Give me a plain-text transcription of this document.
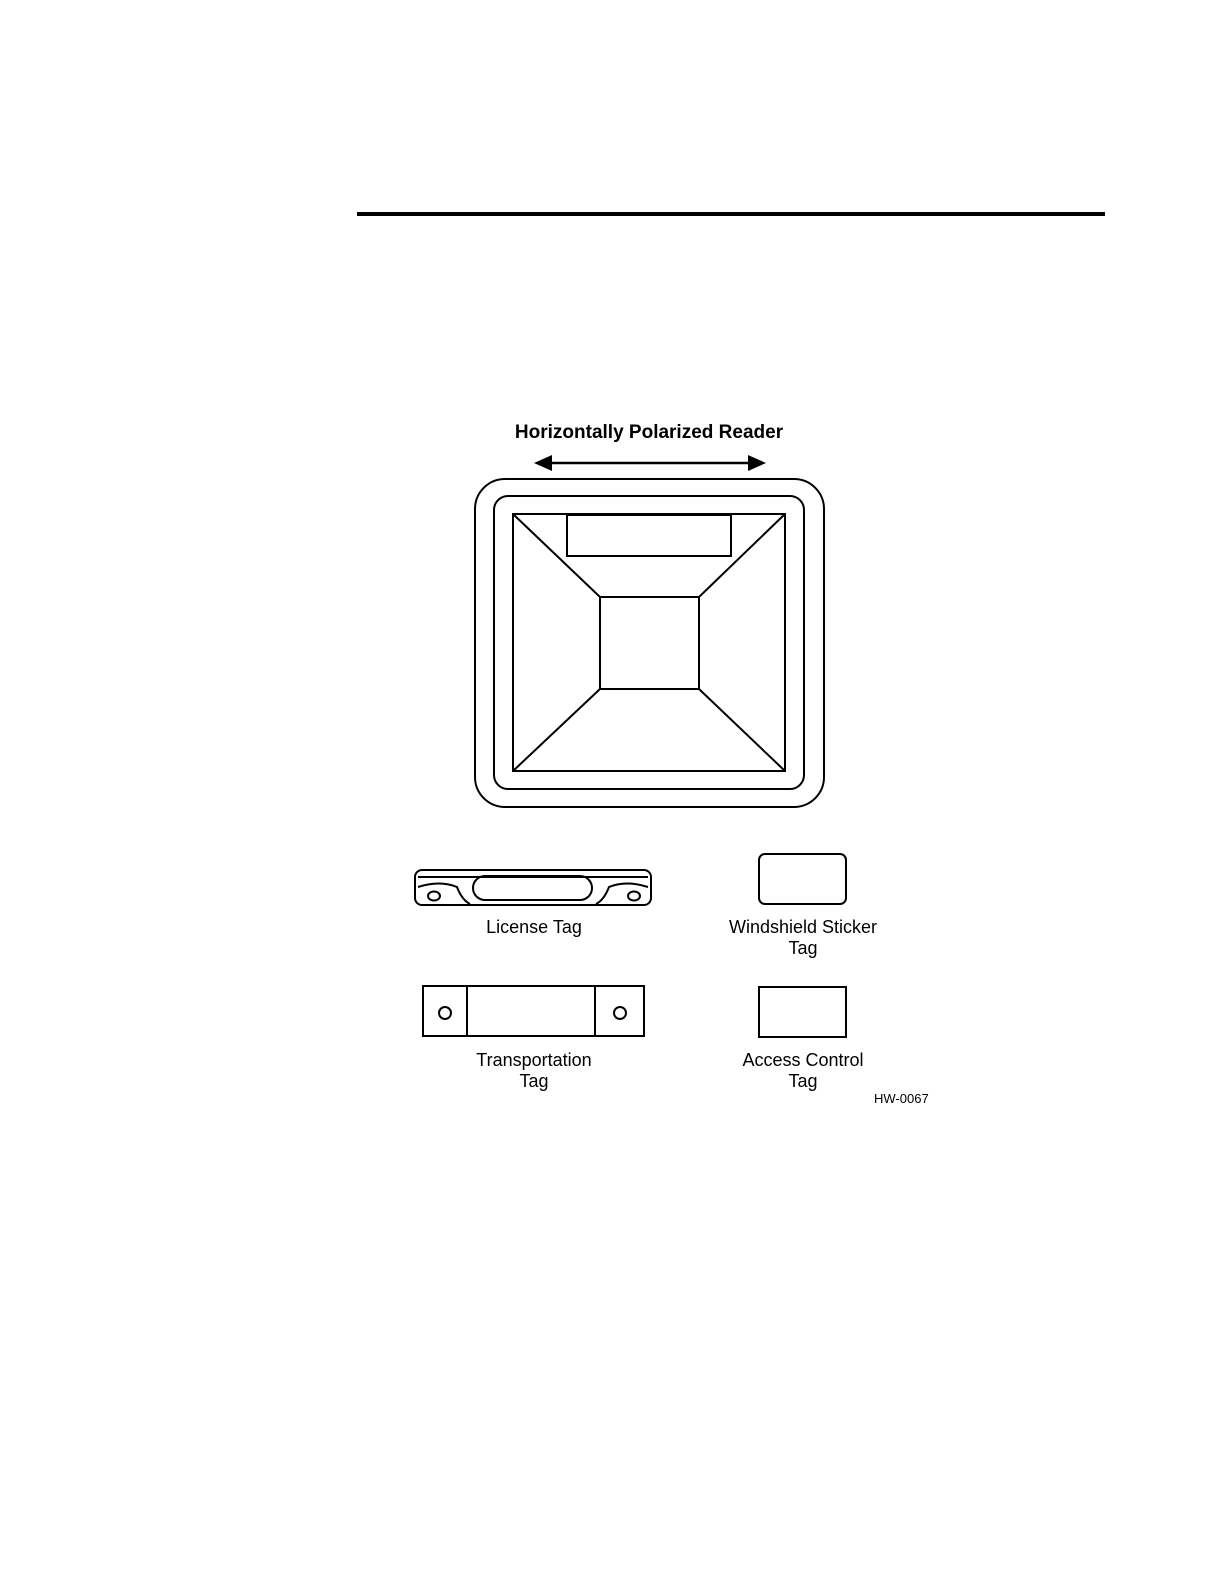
Horizontally Polarized Reader
License Tag	Windshield Sticker
Tag
Transportation
Tag
Access Control
Tag
HW-0067
